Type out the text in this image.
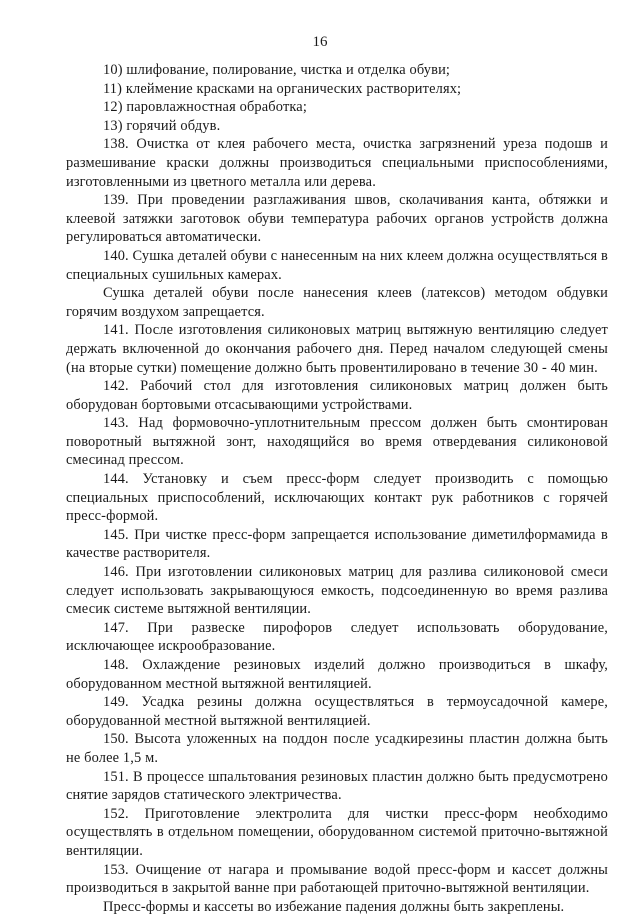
16

10) шлифование, полирование, чистка и отделка обуви;

11) клеймение красками на органических растворителях;

12) паровлажностная обработка;

13) горячий обдув.

138. Очистка от клея рабочего места, очистка загрязнений уреза подошв и размешивание краски должны производиться специальными приспособлениями, изготовленными из цветного металла или дерева.

139. При проведении разглаживания швов, сколачивания канта, обтяжки и клеевой затяжки заготовок обуви температура рабочих органов устройств должна регулироваться автоматически.

140. Сушка деталей обуви с нанесенным на них клеем должна осуществляться в специальных сушильных камерах.

Сушка деталей обуви после нанесения клеев (латексов) методом обдувки горячим воздухом запрещается.

141. После изготовления силиконовых матриц вытяжную вентиляцию следует держать включенной до окончания рабочего дня. Перед началом следующей смены (на вторые сутки) помещение должно быть провентилировано в течение 30 - 40 мин.

142. Рабочий стол для изготовления силиконовых матриц должен быть оборудован бортовыми отсасывающими устройствами.

143. Над формовочно-уплотнительным прессом должен быть смонтирован поворотный вытяжной зонт, находящийся во время отвердевания силиконовой смесинад прессом.

144. Установку и съем пресс-форм следует производить с помощью специальных приспособлений, исключающих контакт рук работников с горячей пресс-формой.

145. При чистке пресс-форм запрещается использование диметилформамида в качестве растворителя.

146. При изготовлении силиконовых матриц для разлива силиконовой смеси следует использовать закрывающуюся емкость, подсоединенную во время разлива смесик системе вытяжной вентиляции.

147. При развеске пирофоров следует использовать оборудование, исключающее искрообразование.

148. Охлаждение резиновых изделий должно производиться в шкафу, оборудованном местной вытяжной вентиляцией.

149. Усадка резины должна осуществляться в термоусадочной камере, оборудованной местной вытяжной вентиляцией.

150. Высота уложенных на поддон после усадкирезины пластин должна быть не более 1,5 м.

151. В процессе шпальтования резиновых пластин должно быть предусмотрено снятие зарядов статического электричества.

152. Приготовление электролита для чистки пресс-форм необходимо осуществлять в отдельном помещении, оборудованном системой приточно-вытяжной вентиляции.

153. Очищение от нагара и промывание водой пресс-форм и кассет должны производиться в закрытой ванне при работающей приточно-вытяжной вентиляции.

Пресс-формы и кассеты во избежание падения должны быть закреплены.
